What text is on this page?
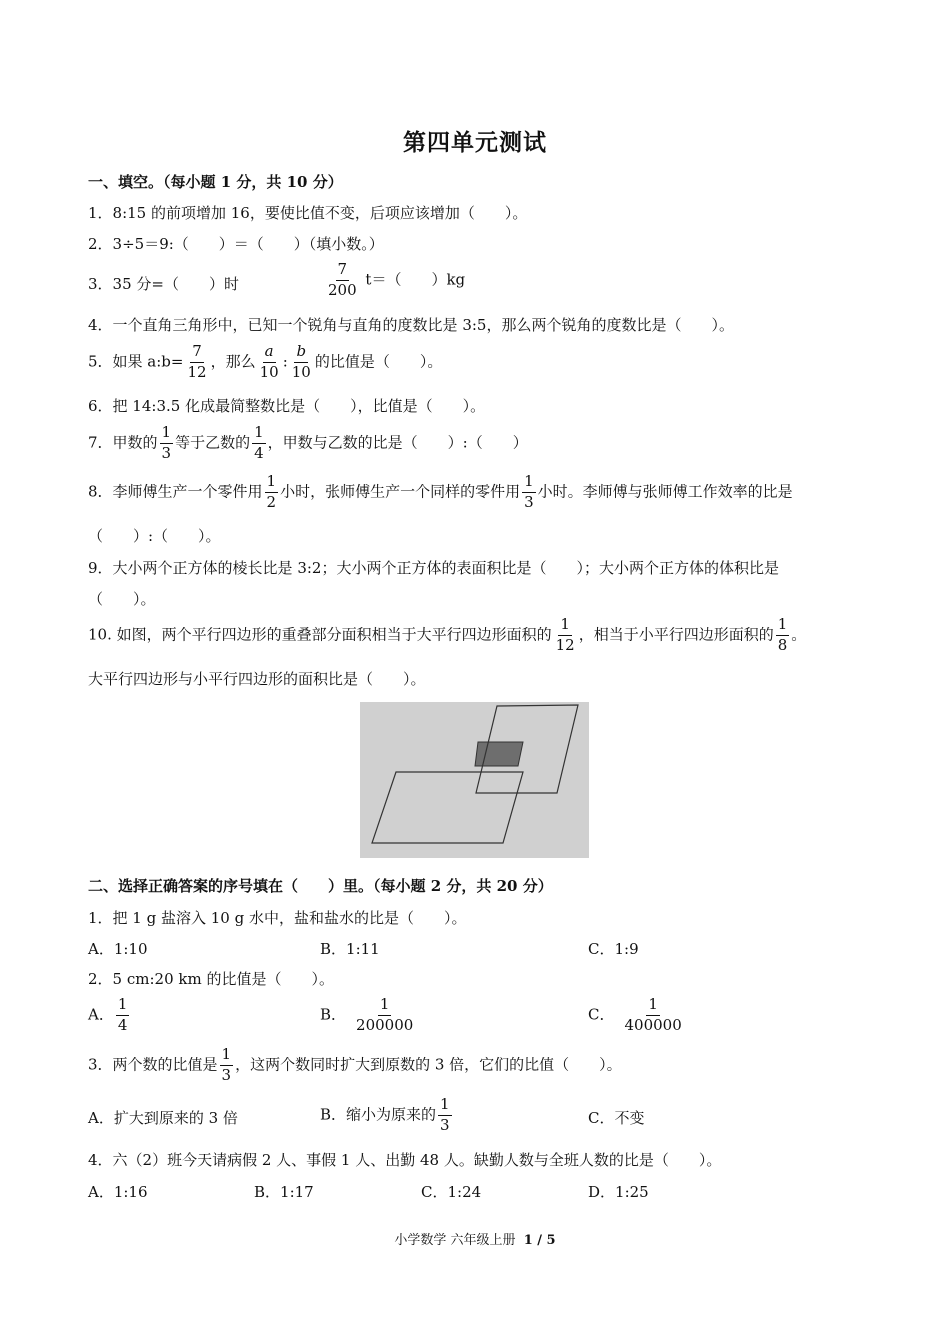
第四单元测试
一、填空。（每小题 1 分，共 10 分）
1．8:15 的前项增加 16，要使比值不变，后项应该增加（　　）。
2．3÷5＝9:（　　）＝（　　）（填小数。）
3．35 分=（　　）时	$\frac{7}{200} t=$（　　）kg
4．一个直角三角形中，已知一个锐角与直角的度数比是 3:5，那么两个锐角的度数比是（　　）。
5．如果 a:b= $\frac{7}{12}$ ，那么 $\frac{a}{10}$ : $\frac{b}{10}$ 的比值是（　　）。
6．把 14:3.5 化成最简整数比是（　　），比值是（　　）。
7．甲数的 $\frac{1}{3}$ 等于乙数的 $\frac{1}{4}$ ，甲数与乙数的比是（　　）:（　　）
8．李师傅生产一个零件用 $\frac{1}{2}$ 小时，张师傅生产一个同样的零件用 $\frac{1}{3}$ 小时。李师傅与张师傅工作效率的比是
（　　）:（　　）。
9．大小两个正方体的棱长比是 3:2；大小两个正方体的表面积比是（　　）；大小两个正方体的体积比是
（　　）。
10. 如图，两个平行四边形的重叠部分面积相当于大平行四边形面积的 $\frac{1}{12}$ ，相当于小平行四边形面积的 $\frac{1}{8}$ 。
大平行四边形与小平行四边形的面积比是（　　）。
二、选择正确答案的序号填在（　　）里。（每小题 2 分，共 20 分）
1．把 1 g 盐溶入 10 g 水中，盐和盐水的比是（　　）。
A．1:10	B．1:11	C．1:9
2．5 cm:20 km 的比值是（　　）。
A． $\frac{1}{4}$	B． $\frac{1}{200000}$	C． $\frac{1}{400000}$
3．两个数的比值是 $\frac{1}{3}$ ，这两个数同时扩大到原数的 3 倍，它们的比值（　　）。
A．扩大到原来的 3 倍	B．缩小为原来的 $\frac{1}{3}$	C．不变
4．六（2）班今天请病假 2 人、事假 1 人、出勤 48 人。缺勤人数与全班人数的比是（　　）。
A．1:16	B．1:17	C．1:24	D．1:25
小学数学 六年级上册 1 / 5
